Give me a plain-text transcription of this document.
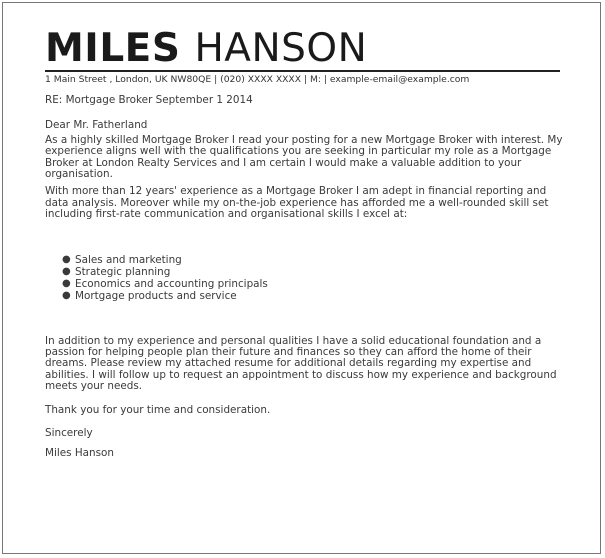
MILES HANSON
1 Main Street , London, UK NW80QE | (020) XXXX XXXX | M: | example-email@example.com

RE: Mortgage Broker September 1 2014

Dear Mr. Fatherland

As a highly skilled Mortgage Broker I read your posting for a new Mortgage Broker with interest. My experience aligns well with the qualifications you are seeking in particular my role as a Mortgage Broker at London Realty Services and I am certain I would make a valuable addition to your organisation.

With more than 12 years' experience as a Mortgage Broker I am adept in financial reporting and data analysis. Moreover while my on-the-job experience has afforded me a well-rounded skill set including first-rate communication and organisational skills I excel at:

● Sales and marketing
● Strategic planning
● Economics and accounting principals
● Mortgage products and service

In addition to my experience and personal qualities I have a solid educational foundation and a passion for helping people plan their future and finances so they can afford the home of their dreams. Please review my attached resume for additional details regarding my expertise and abilities. I will follow up to request an appointment to discuss how my experience and background meets your needs.

Thank you for your time and consideration.

Sincerely

Miles Hanson
